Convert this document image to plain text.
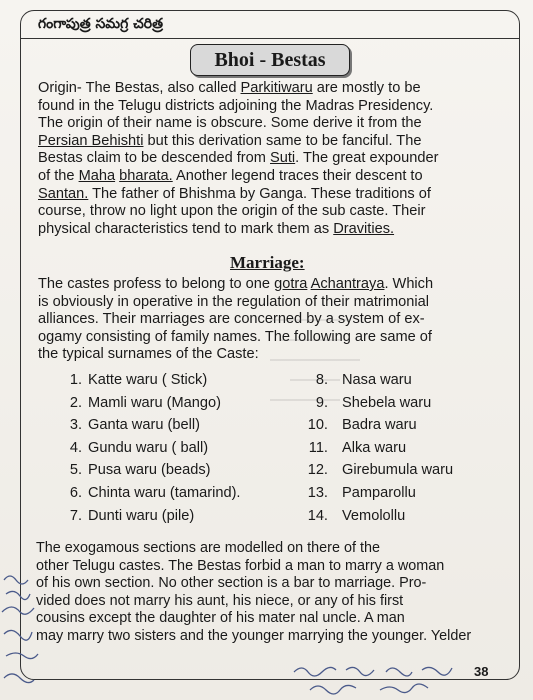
గంగాపుత్ర సమగ్ర చరిత్ర
Bhoi - Bestas
Origin- The Bestas, also called Parkitiwaru are mostly to be
found in the Telugu districts adjoining the Madras Presidency.
The origin of their name is obscure. Some derive it from the
Persian Behishti but this derivation same to be fanciful. The
Bestas claim to be descended from Suti. The great expounder
of the Maha bharata. Another legend traces their descent to
Santan. The father of Bhishma by Ganga. These traditions of
course, throw no light upon the origin of the sub caste. Their
physical characteristics tend to mark them as Dravities.
Marriage:
The castes profess to belong to one gotra Achantraya. Which
is obviously in operative in the regulation of their matrimonial
alliances. Their marriages are concerned by a system of ex-
ogamy consisting of family names. The following are same of
the typical surnames of the Caste:
1. Katte waru ( Stick)
2. Mamli waru (Mango)
3. Ganta waru (bell)
4. Gundu waru ( ball)
5. Pusa waru (beads)
6. Chinta waru (tamarind).
7. Dunti waru (pile)
8. Nasa waru
9. Shebela waru
10. Badra waru
11. Alka waru
12. Girebumula waru
13. Pamparollu
14. Vemolollu
The exogamous sections are modelled on there of the
other Telugu castes. The Bestas forbid a man to marry a woman
of his own section. No other section is a bar to marriage. Pro-
vided does not marry his aunt, his niece, or any of his first
cousins except the daughter of his mater nal uncle. A man
may marry two sisters and the younger marrying the younger. Yelder
38
